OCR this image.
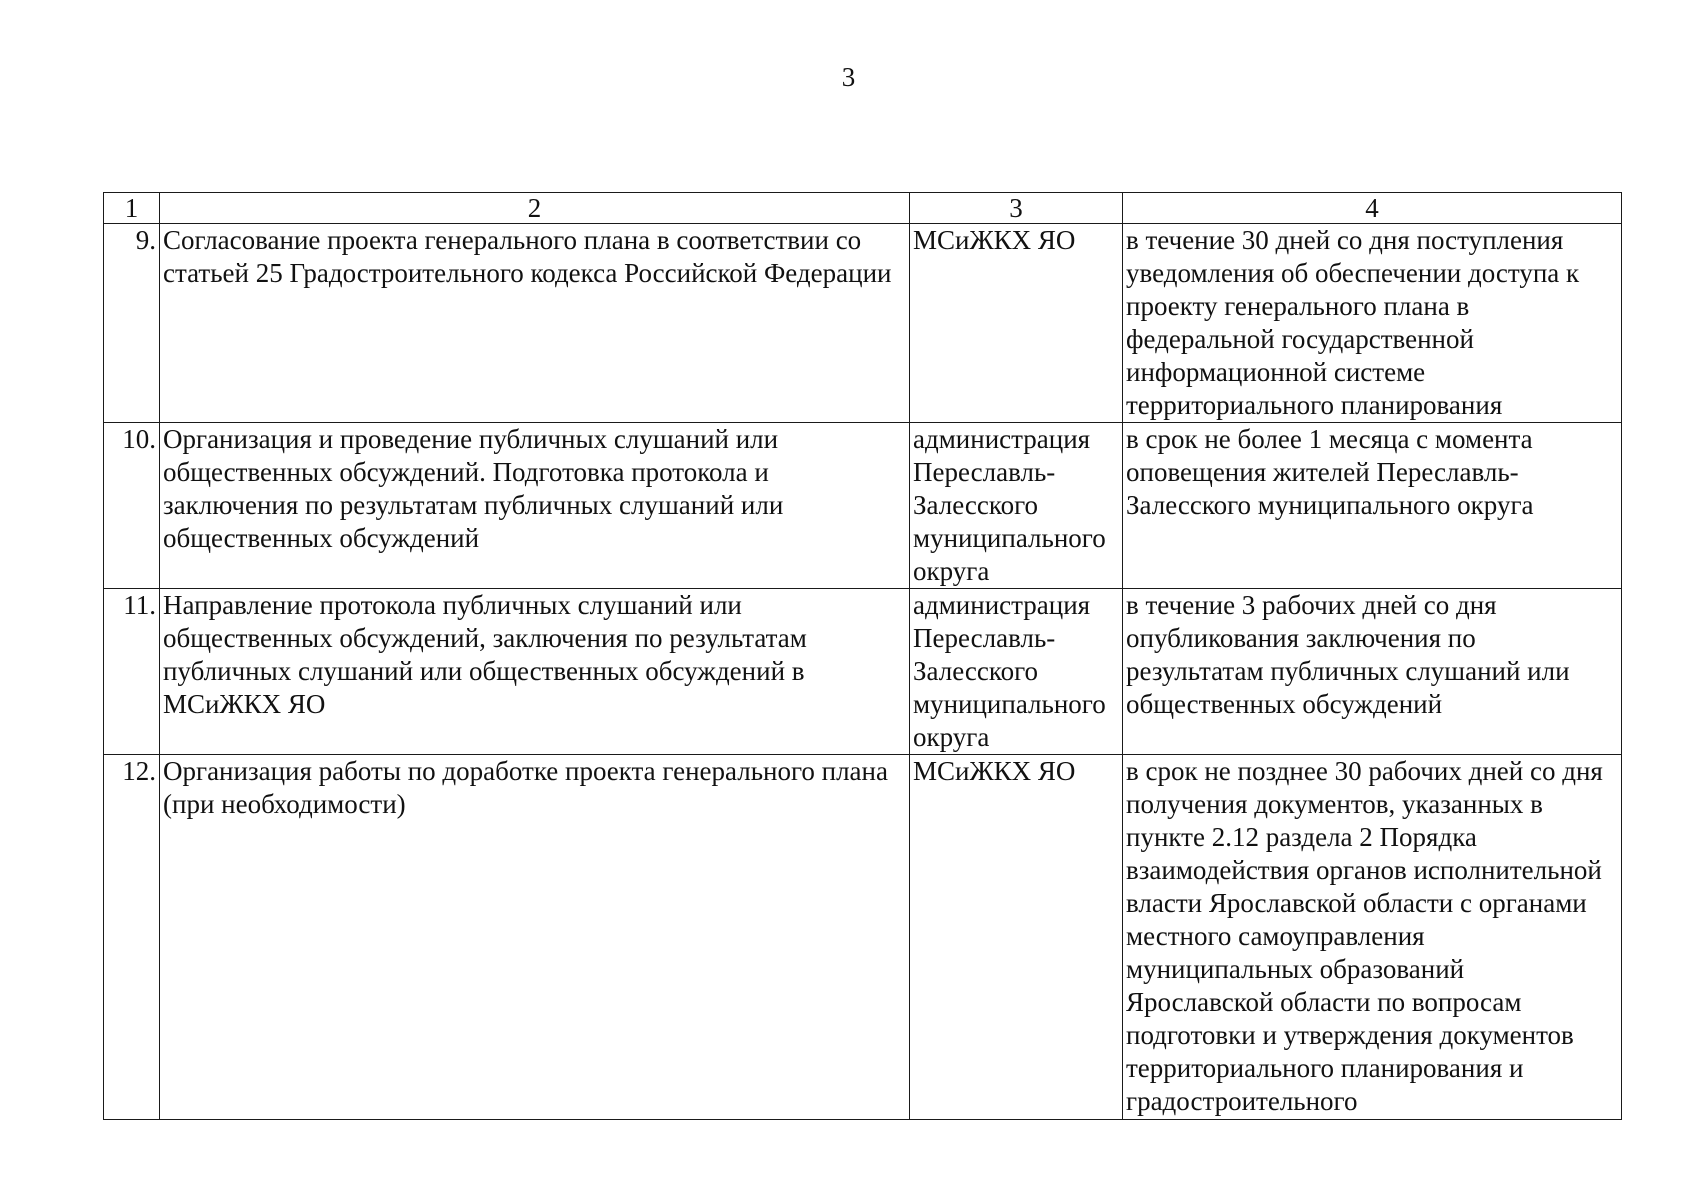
3
1	2	3	4
9.	Согласование проекта генерального плана в соответствии со статьей 25 Градостроительного кодекса Российской Федерации	МСиЖКХ ЯО	в течение 30 дней со дня поступления уведомления об обеспечении доступа к проекту генерального плана в федеральной государственной информационной системе территориального планирования
10.	Организация и проведение публичных слушаний или общественных обсуждений. Подготовка протокола и заключения по результатам публичных слушаний или общественных обсуждений	администрация Переславль-Залесского муниципального округа	в срок не более 1 месяца с момента оповещения жителей Переславль-Залесского муниципального округа
11.	Направление протокола публичных слушаний или общественных обсуждений, заключения по результатам публичных слушаний или общественных обсуждений в МСиЖКХ ЯО	администрация Переславль-Залесского муниципального округа	в течение 3 рабочих дней со дня опубликования заключения по результатам публичных слушаний или общественных обсуждений
12.	Организация работы по доработке проекта генерального плана (при необходимости)	МСиЖКХ ЯО	в срок не позднее 30 рабочих дней со дня получения документов, указанных в пункте 2.12 раздела 2 Порядка взаимодействия органов исполнительной власти Ярославской области с органами местного самоуправления муниципальных образований Ярославской области по вопросам подготовки и утверждения документов территориального планирования и градостроительного
